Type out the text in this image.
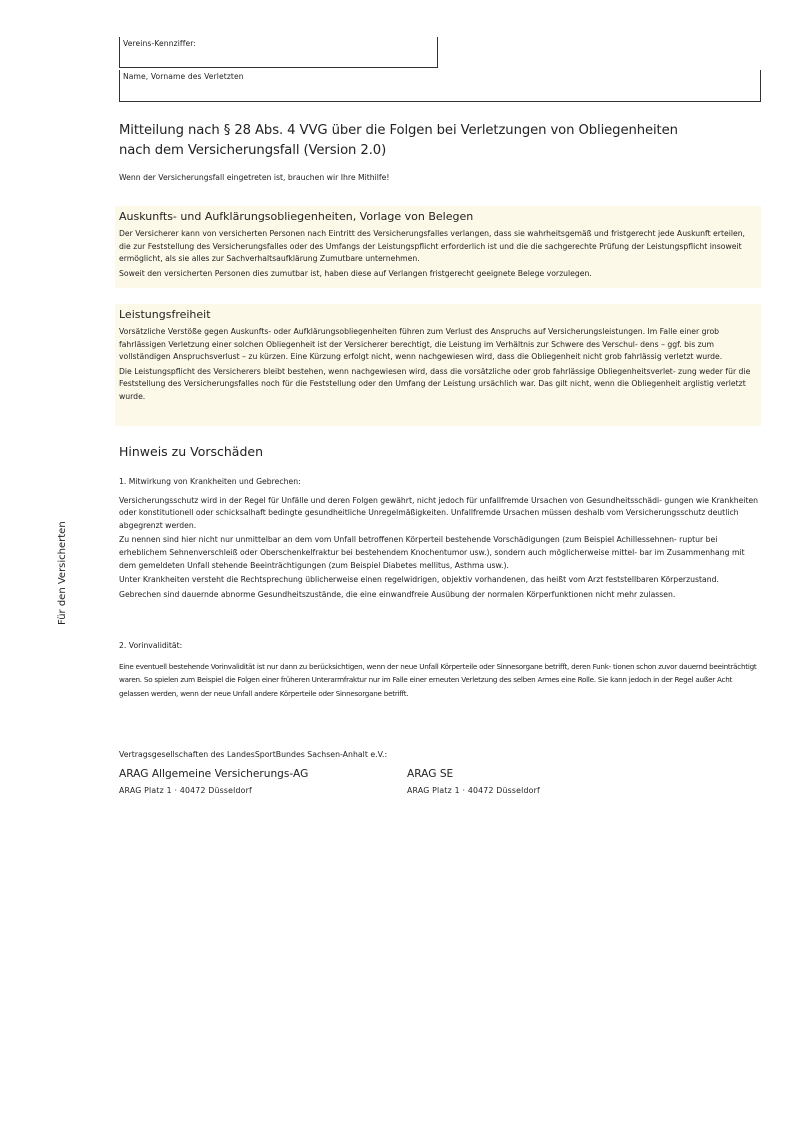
Vereins-Kennziffer:
Name, Vorname des Verletzten
Mitteilung nach § 28 Abs. 4 VVG über die Folgen bei Verletzungen von Obliegenheiten
nach dem Versicherungsfall (Version 2.0)
Wenn der Versicherungsfall eingetreten ist, brauchen wir Ihre Mithilfe!
Auskunfts- und Aufklärungsobliegenheiten, Vorlage von Belegen

Der Versicherer kann von versicherten Personen nach Eintritt des Versicherungsfalles verlangen, dass sie wahrheitsgemäß und fristgerecht jede Auskunft erteilen, die zur Feststellung des Versicherungsfalles oder des Umfangs der Leistungspflicht erforderlich ist und die die sachgerechte Prüfung der Leistungspflicht insoweit ermöglicht, als sie alles zur Sachverhaltsaufklärung Zumutbare unternehmen.

Soweit den versicherten Personen dies zumutbar ist, haben diese auf Verlangen fristgerecht geeignete Belege vorzulegen.

Leistungsfreiheit

Vorsätzliche Verstöße gegen Auskunfts- oder Aufklärungsobliegenheiten führen zum Verlust des Anspruchs auf Versicherungsleistungen. Im Falle einer grob fahrlässigen Verletzung einer solchen Obliegenheit ist der Versicherer berechtigt, die Leistung im Verhältnis zur Schwere des Verschul- dens – ggf. bis zum vollständigen Anspruchsverlust – zu kürzen. Eine Kürzung erfolgt nicht, wenn nachgewiesen wird, dass die Obliegenheit nicht grob fahrlässig verletzt wurde.

Die Leistungspflicht des Versicherers bleibt bestehen, wenn nachgewiesen wird, dass die vorsätzliche oder grob fahrlässige Obliegenheitsverlet- zung weder für die Feststellung des Versicherungsfalles noch für die Feststellung oder den Umfang der Leistung ursächlich war. Das gilt nicht, wenn die Obliegenheit arglistig verletzt wurde.

Hinweis zu Vorschäden

1. Mitwirkung von Krankheiten und Gebrechen:

Versicherungsschutz wird in der Regel für Unfälle und deren Folgen gewährt, nicht jedoch für unfallfremde Ursachen von Gesundheitsschädi- gungen wie Krankheiten oder konstitutionell oder schicksalhaft bedingte gesundheitliche Unregelmäßigkeiten. Unfallfremde Ursachen müssen deshalb vom Versicherungsschutz deutlich abgegrenzt werden.

Zu nennen sind hier nicht nur unmittelbar an dem vom Unfall betroffenen Körperteil bestehende Vorschädigungen (zum Beispiel Achillessehnen- ruptur bei erheblichem Sehnenverschleiß oder Oberschenkelfraktur bei bestehendem Knochentumor usw.), sondern auch möglicherweise mittel- bar im Zusammenhang mit dem gemeldeten Unfall stehende Beeinträchtigungen (zum Beispiel Diabetes mellitus, Asthma usw.).

Unter Krankheiten versteht die Rechtsprechung üblicherweise einen regelwidrigen, objektiv vorhandenen, das heißt vom Arzt feststellbaren Körperzustand.

Gebrechen sind dauernde abnorme Gesundheitszustände, die eine einwandfreie Ausübung der normalen Körperfunktionen nicht mehr zulassen.

2. Vorinvalidität:

Eine eventuell bestehende Vorinvalidität ist nur dann zu berücksichtigen, wenn der neue Unfall Körperteile oder Sinnesorgane betrifft, deren Funk- tionen schon zuvor dauernd beeinträchtigt waren. So spielen zum Beispiel die Folgen einer früheren Unterarmfraktur nur im Falle einer erneuten Verletzung des selben Armes eine Rolle. Sie kann jedoch in der Regel außer Acht gelassen werden, wenn der neue Unfall andere Körperteile oder Sinnesorgane betrifft.

Für den Versicherten
Vertragsgesellschaften des LandesSportBundes Sachsen-Anhalt e.V.:
ARAG Allgemeine Versicherungs-AG
ARAG Platz 1 · 40472 Düsseldorf
ARAG SE
ARAG Platz 1 · 40472 Düsseldorf
